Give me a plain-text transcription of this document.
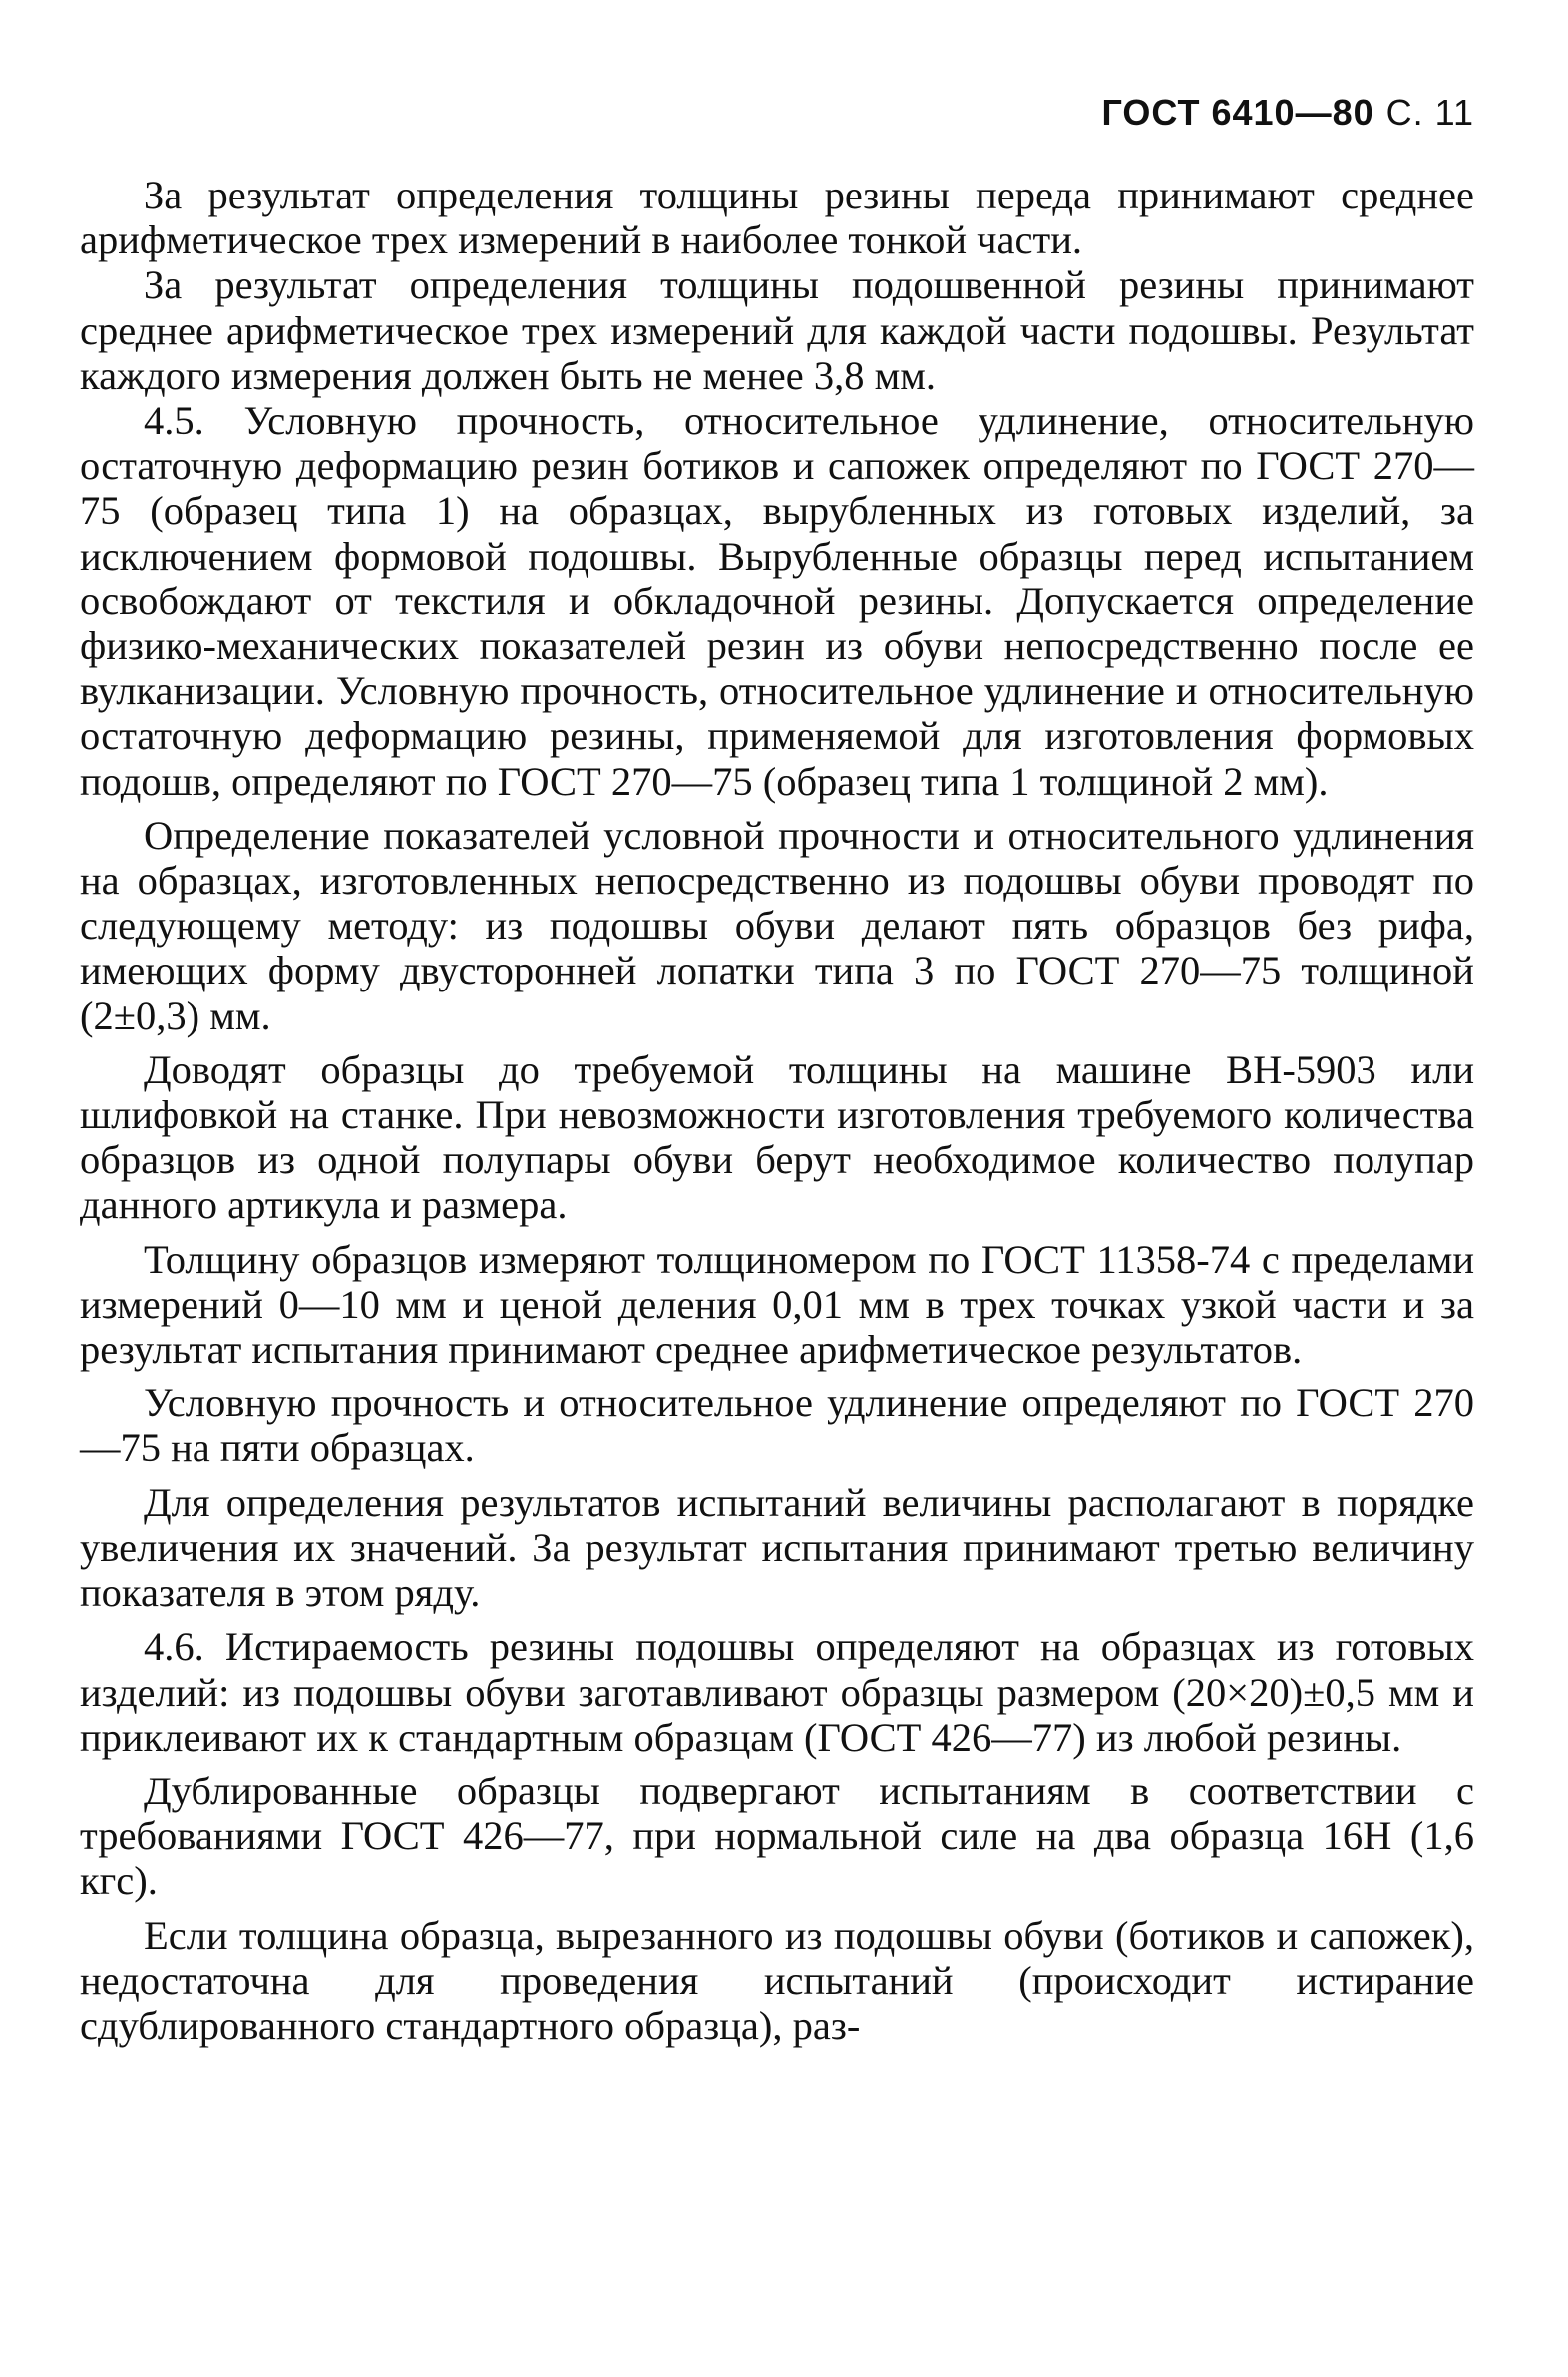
ГОСТ 6410—80 С. 11

За результат определения толщины резины переда принимают среднее арифметическое трех измерений в наиболее тонкой части.

За результат определения толщины подошвенной резины принимают среднее арифметическое трех измерений для каждой части подошвы. Результат каждого измерения должен быть не менее 3,8 мм.

4.5. Условную прочность, относительное удлинение, относительную остаточную деформацию резин ботиков и сапожек определяют по ГОСТ 270—75 (образец типа 1) на образцах, вырубленных из готовых изделий, за исключением формовой подошвы. Вырубленные образцы перед испытанием освобождают от текстиля и обкладочной резины. Допускается определение физико-механических показателей резин из обуви непосредственно после ее вулканизации. Условную прочность, относительное удлинение и относительную остаточную деформацию резины, применяемой для изготовления формовых подошв, определяют по ГОСТ 270—75 (образец типа 1 толщиной 2 мм).

Определение показателей условной прочности и относительного удлинения на образцах, изготовленных непосредственно из подошвы обуви проводят по следующему методу: из подошвы обуви делают пять образцов без рифа, имеющих форму двусторонней лопатки типа 3 по ГОСТ 270—75 толщиной (2±0,3) мм.

Доводят образцы до требуемой толщины на машине ВН-5903 или шлифовкой на станке. При невозможности изготовления требуемого количества образцов из одной полупары обуви берут необходимое количество полупар данного артикула и размера.

Толщину образцов измеряют толщиномером по ГОСТ 11358-74 с пределами измерений 0—10 мм и ценой деления 0,01 мм в трех точках узкой части и за результат испытания принимают среднее арифметическое результатов.

Условную прочность и относительное удлинение определяют по ГОСТ 270—75 на пяти образцах.

Для определения результатов испытаний величины располагают в порядке увеличения их значений. За результат испытания принимают третью величину показателя в этом ряду.

4.6. Истираемость резины подошвы определяют на образцах из готовых изделий: из подошвы обуви заготавливают образцы размером (20×20)±0,5 мм и приклеивают их к стандартным образцам (ГОСТ 426—77) из любой резины.

Дублированные образцы подвергают испытаниям в соответствии с требованиями ГОСТ 426—77, при нормальной силе на два образца 16Н (1,6 кгс).

Если толщина образца, вырезанного из подошвы обуви (ботиков и сапожек), недостаточна для проведения испытаний (происходит истирание сдублированного стандартного образца), раз-
